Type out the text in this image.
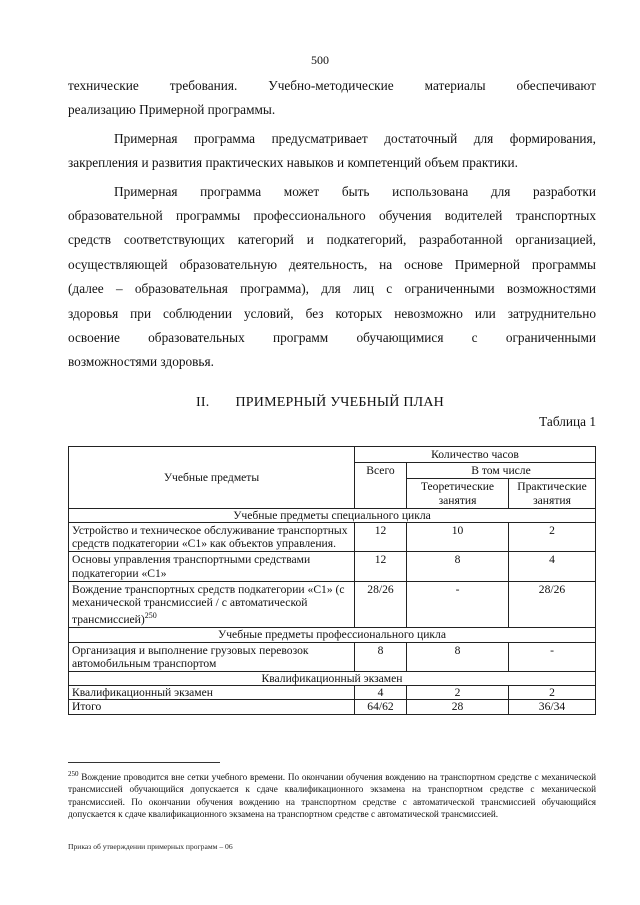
500

технические требования. Учебно-методические материалы обеспечивают
реализацию Примерной программы.

Примерная программа предусматривает достаточный для формирования,
закрепления и развития практических навыков и компетенций объем практики.

Примерная программа может быть использована для разработки
образовательной программы профессионального обучения водителей транспортных
средств соответствующих категорий и подкатегорий, разработанной организацией,
осуществляющей образовательную деятельность, на основе Примерной программы
(далее – образовательная программа), для лиц с ограниченными возможностями
здоровья при соблюдении условий, без которых невозможно или затруднительно
освоение образовательных программ обучающимися с ограниченными
возможностями здоровья.

II. ПРИМЕРНЫЙ УЧЕБНЫЙ ПЛАН
Таблица 1
Учебные предметы	Количество часов		
	Всего	В том числе	
		Теоретические занятия	Практические занятия
Учебные предметы специального цикла			
Устройство и техническое обслуживание транспортных средств подкатегории «C1» как объектов управления.	12	10	2
Основы управления транспортными средствами подкатегории «C1»	12	8	4
Вождение транспортных средств подкатегории «C1» (с механической трансмиссией / с автоматической трансмиссией)$^{250}$	28/26	-	28/26
Учебные предметы профессионального цикла			
Организация и выполнение грузовых перевозок автомобильным транспортом	8	8	-
Квалификационный экзамен			
Квалификационный экзамен	4	2	2
Итого	64/62	28	36/34
$^{250}$ Вождение проводится вне сетки учебного времени. По окончании обучения вождению на транспортном средстве с механической трансмиссией обучающийся допускается к сдаче квалификационного экзамена на транспортном средстве с механической трансмиссией. По окончании обучения вождению на транспортном средстве с автоматической трансмиссией обучающийся допускается к сдаче квалификационного экзамена на транспортном средстве с автоматической трансмиссией.
Приказ об утверждении примерных программ – 06
